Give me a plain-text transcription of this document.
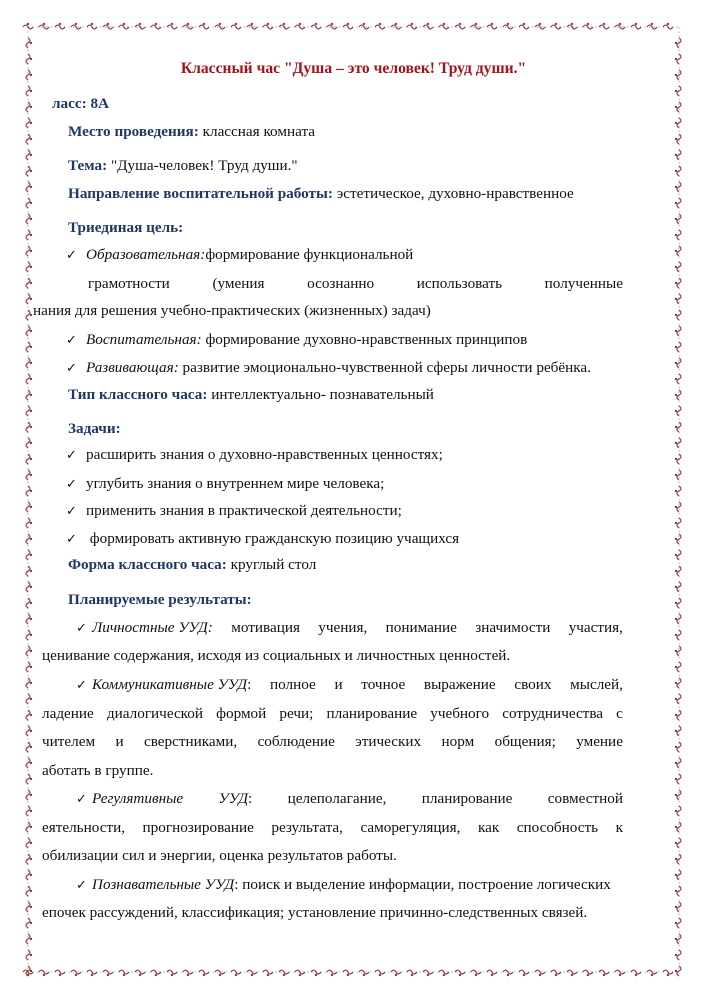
Классный час "Душа – это человек! Труд души."
ласс: 8А
Место проведения: классная комната
Тема: "Душа-человек! Труд души."
Направление воспитательной работы: эстетическое, духовно-нравственное
Триединая цель:
✓ Образовательная:формирование функциональной
грамотности	(умения	осознанно	использовать	полученные
нания для решения учебно-практических (жизненных) задач)
✓ Воспитательная: формирование духовно-нравственных принципов
✓ Развивающая: развитие эмоционально-чувственной сферы личности ребёнка.
Тип классного часа: интеллектуально- познавательный
Задачи:
✓ расширить знания о духовно-нравственных ценностях;
✓ углубить знания о внутреннем мире человека;
✓ применить знания в практической деятельности;
✓ формировать активную гражданскую позицию учащихся
Форма классного часа: круглый стол
Планируемые результаты:
✓ Личностные УУД: мотивация учения, понимание значимости участия,
ценивание содержания, исходя из социальных и личностных ценностей.
✓ Коммуникативные УУД: полное и точное выражение своих мыслей,
ладение диалогической формой речи; планирование учебного сотрудничества с
чителем и сверстниками, соблюдение этических норм общения; умение
аботать в группе.
✓ Регулятивные УУД: целеполагание, планирование совместной
еятельности, прогнозирование результата, саморегуляция, как способность к
обилизации сил и энергии, оценка результатов работы.
✓ Познавательные УУД: поиск и выделение информации, построение логических
епочек рассуждений, классификация; установление причинно-следственных связей.
